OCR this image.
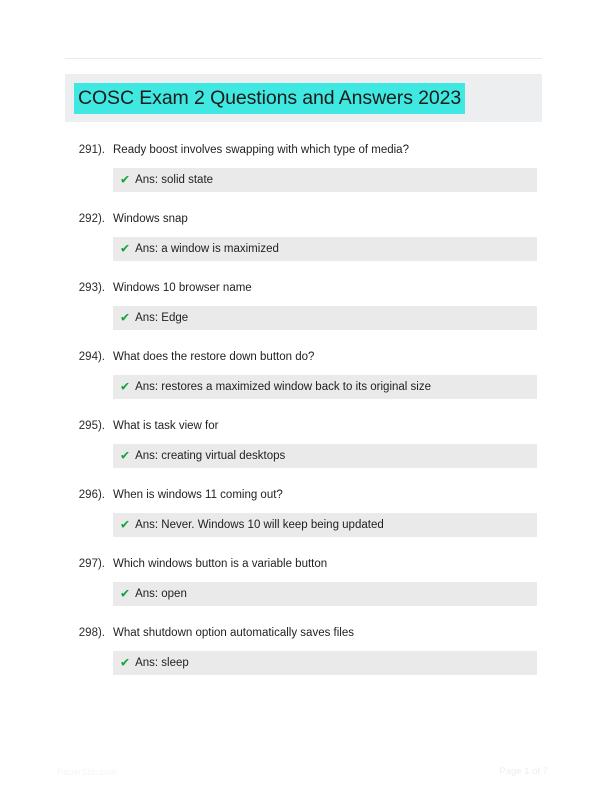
COSC Exam 2 Questions and Answers 2023
291). Ready boost involves swapping with which type of media?
✔ Ans: solid state
292). Windows snap
✔ Ans: a window is maximized
293). Windows 10 browser name
✔ Ans: Edge
294). What does the restore down button do?
✔ Ans: restores a maximized window back to its original size
295). What is task view for
✔ Ans: creating virtual desktops
296). When is windows 11 coming out?
✔ Ans: Never. Windows 10 will keep being updated
297). Which windows button is a variable button
✔ Ans: open
298). What shutdown option automatically saves files
✔ Ans: sleep
PaperStic.com	Page 1 of 7
